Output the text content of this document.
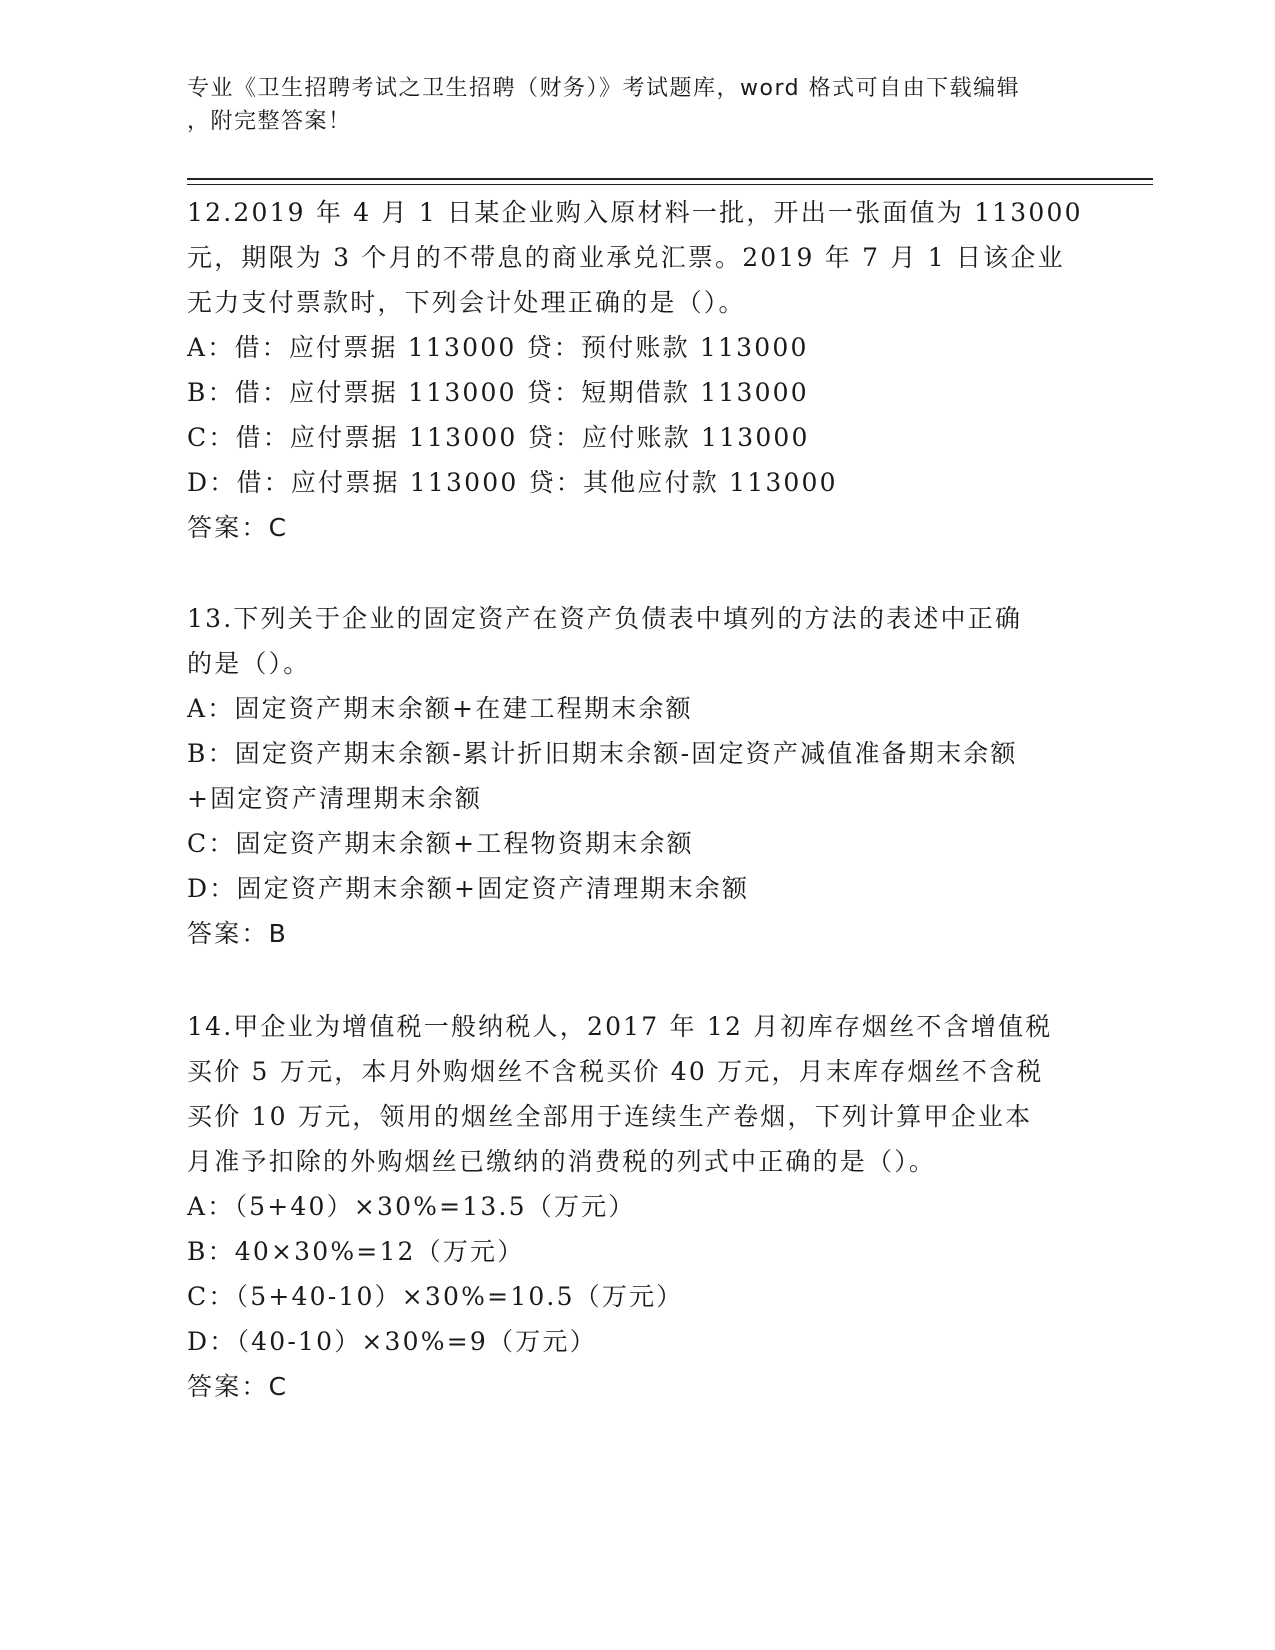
专业《卫生招聘考试之卫生招聘（财务）》考试题库，word 格式可自由下载编辑
，附完整答案！
12.2019 年 4 月 1 日某企业购入原材料一批，开出一张面值为 113000
元，期限为 3 个月的不带息的商业承兑汇票。2019 年 7 月 1 日该企业
无力支付票款时，下列会计处理正确的是（）。
A：借：应付票据 113000 贷：预付账款 113000
B：借：应付票据 113000 贷：短期借款 113000
C：借：应付票据 113000 贷：应付账款 113000
D：借：应付票据 113000 贷：其他应付款 113000
答案：C
13.下列关于企业的固定资产在资产负债表中填列的方法的表述中正确
的是（）。
A：固定资产期末余额+在建工程期末余额
B：固定资产期末余额-累计折旧期末余额-固定资产减值准备期末余额
+固定资产清理期末余额
C：固定资产期末余额+工程物资期末余额
D：固定资产期末余额+固定资产清理期末余额
答案：B
14.甲企业为增值税一般纳税人，2017 年 12 月初库存烟丝不含增值税
买价 5 万元，本月外购烟丝不含税买价 40 万元，月末库存烟丝不含税
买价 10 万元，领用的烟丝全部用于连续生产卷烟，下列计算甲企业本
月准予扣除的外购烟丝已缴纳的消费税的列式中正确的是（）。
A：（5+40）×30%=13.5（万元）
B：40×30%=12（万元）
C：（5+40-10）×30%=10.5（万元）
D：（40-10）×30%=9（万元）
答案：C
